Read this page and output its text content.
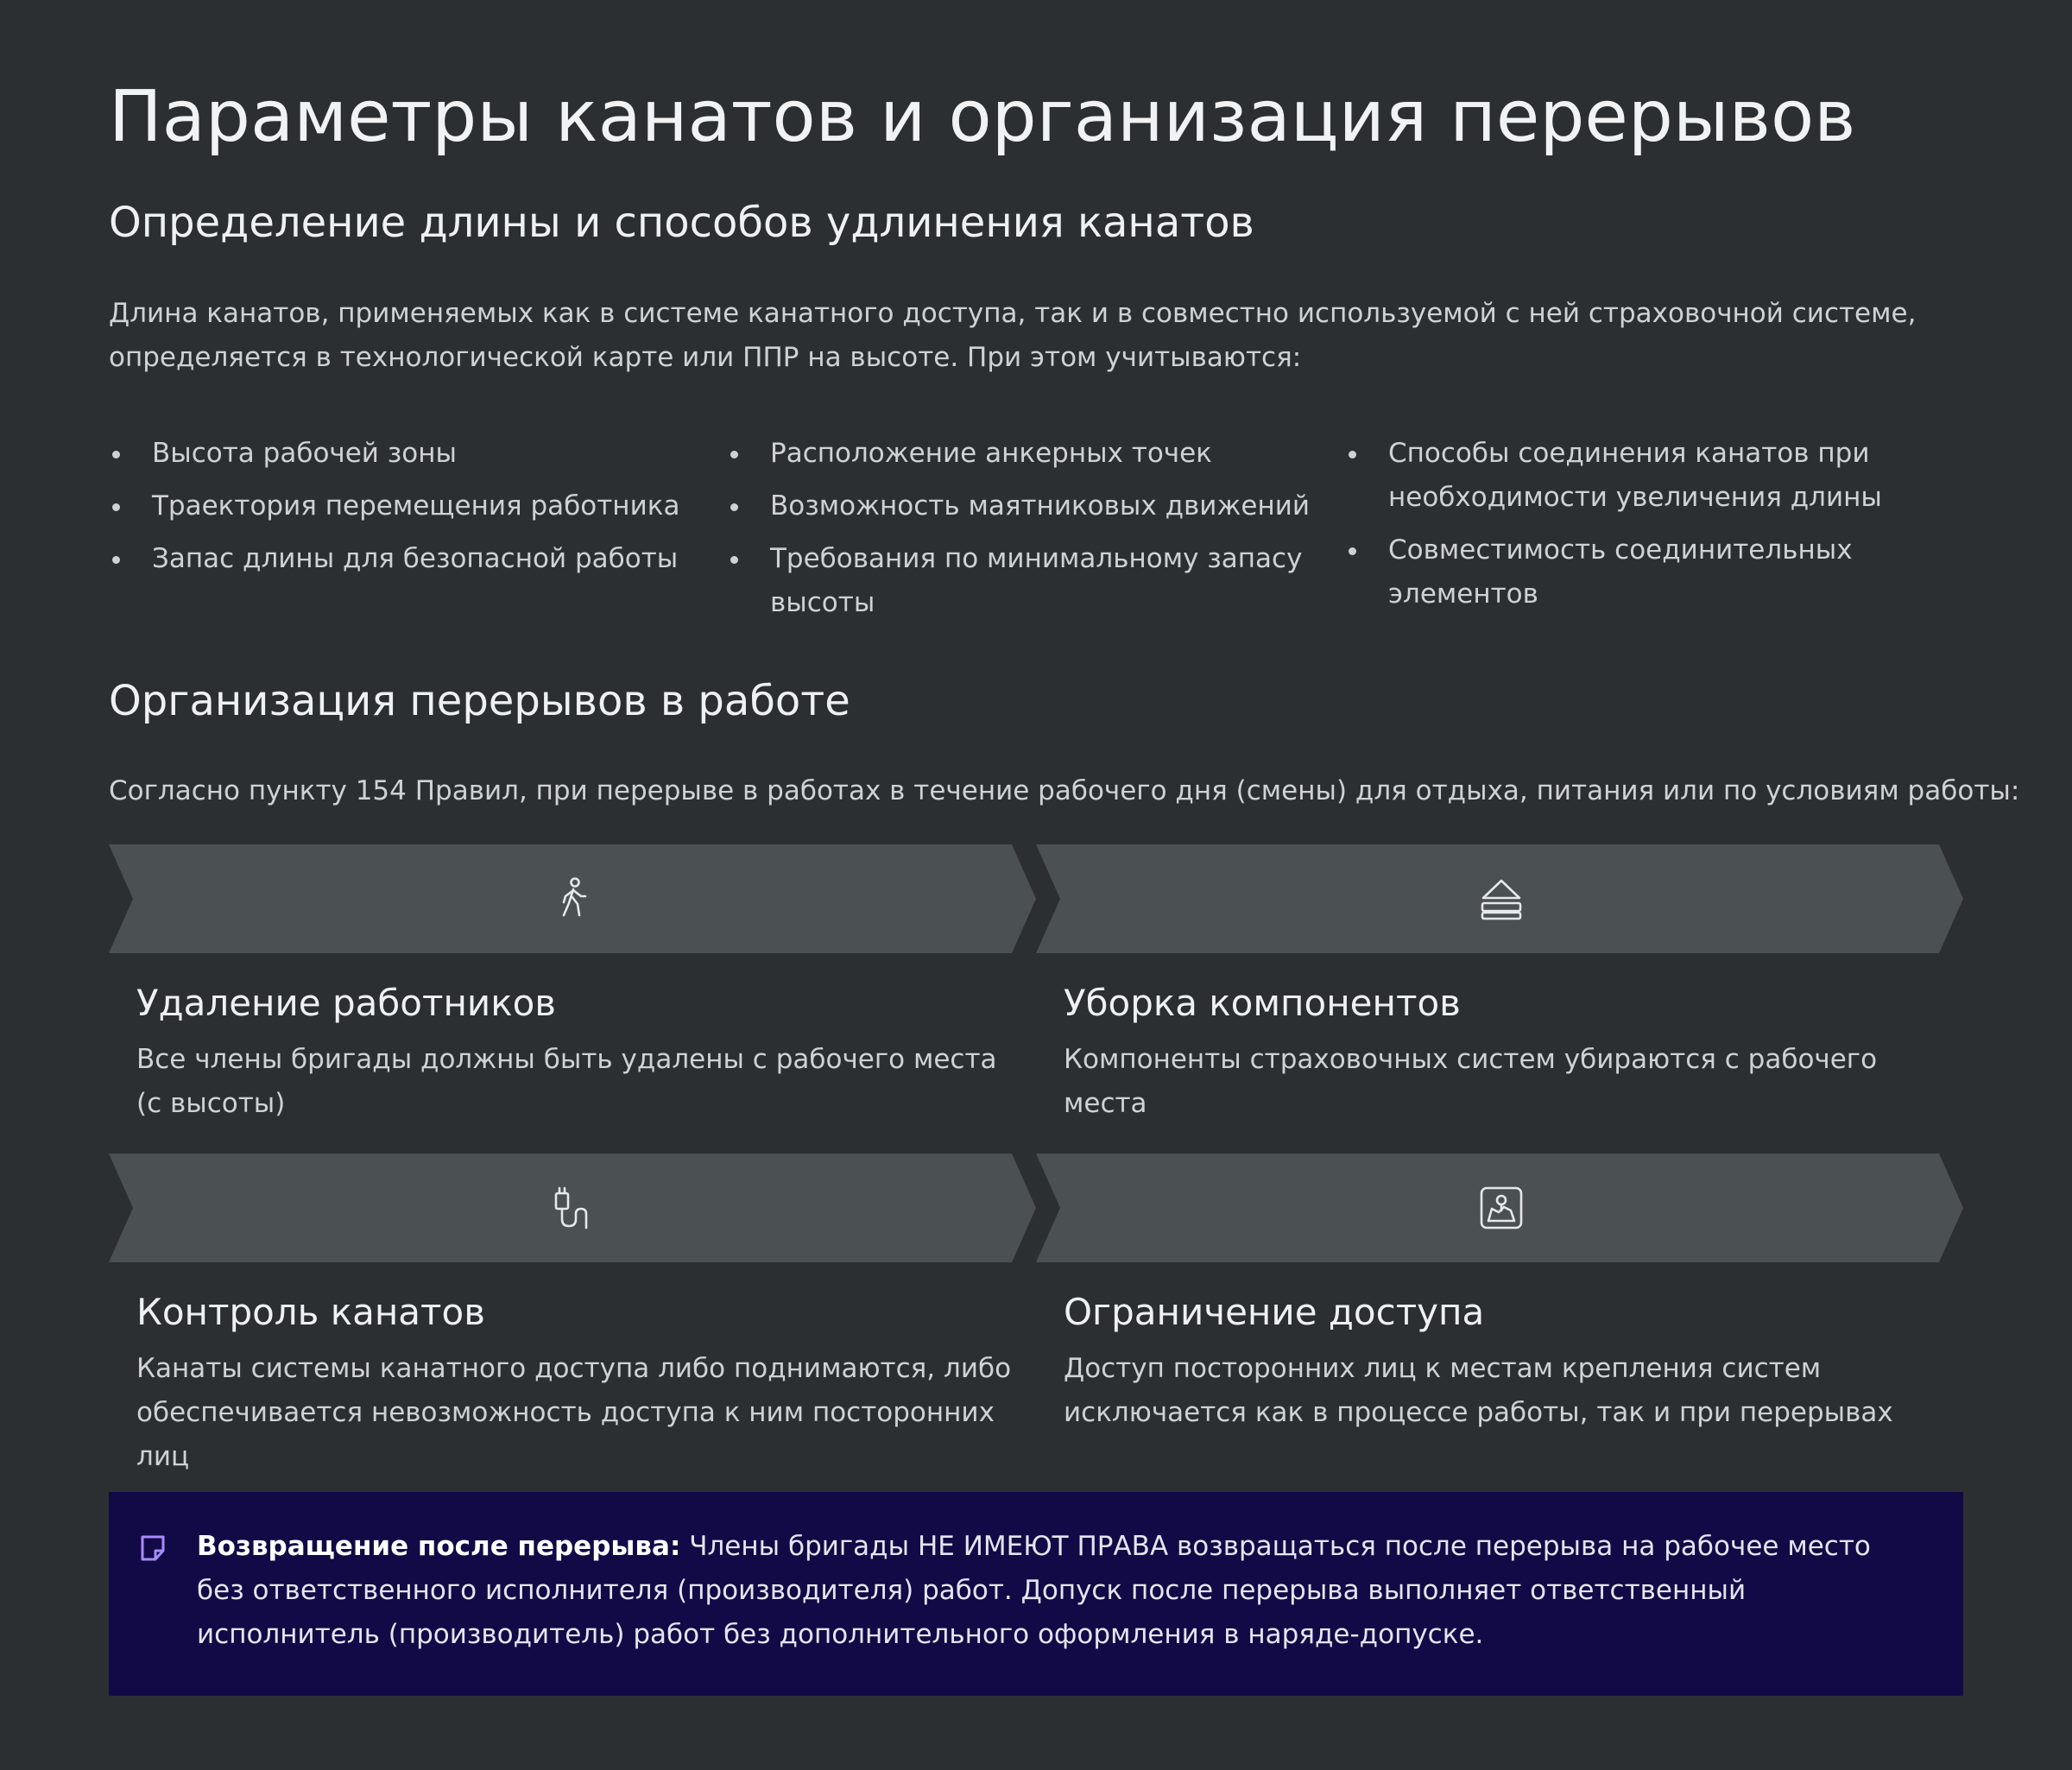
Параметры канатов и организация перерывов
Определение длины и способов удлинения канатов

Длина канатов, применяемых как в системе канатного доступа, так и в совместно используемой с ней страховочной системе, определяется в технологической карте или ППР на высоте. При этом учитываются:

Высота рабочей зоны
Траектория перемещения работника
Запас длины для безопасной работы
Расположение анкерных точек
Возможность маятниковых движений
Требования по минимальному запасу высоты
Способы соединения канатов при необходимости увеличения длины
Совместимость соединительных элементов
Организация перерывов в работе

Согласно пункту 154 Правил, при перерыве в работах в течение рабочего дня (смены) для отдыха, питания или по условиям работы:

Удаление работников
Все члены бригады должны быть удалены с рабочего места (с высоты)
Уборка компонентов
Компоненты страховочных систем убираются с рабочего места
Контроль канатов
Канаты системы канатного доступа либо поднимаются, либо обеспечивается невозможность доступа к ним посторонних лиц
Ограничение доступа
Доступ посторонних лиц к местам крепления систем исключается как в процессе работы, так и при перерывах
Возвращение после перерыва: Члены бригады НЕ ИМЕЮТ ПРАВА возвращаться после перерыва на рабочее место без ответственного исполнителя (производителя) работ. Допуск после перерыва выполняет ответственный исполнитель (производитель) работ без дополнительного оформления в наряде-допуске.
